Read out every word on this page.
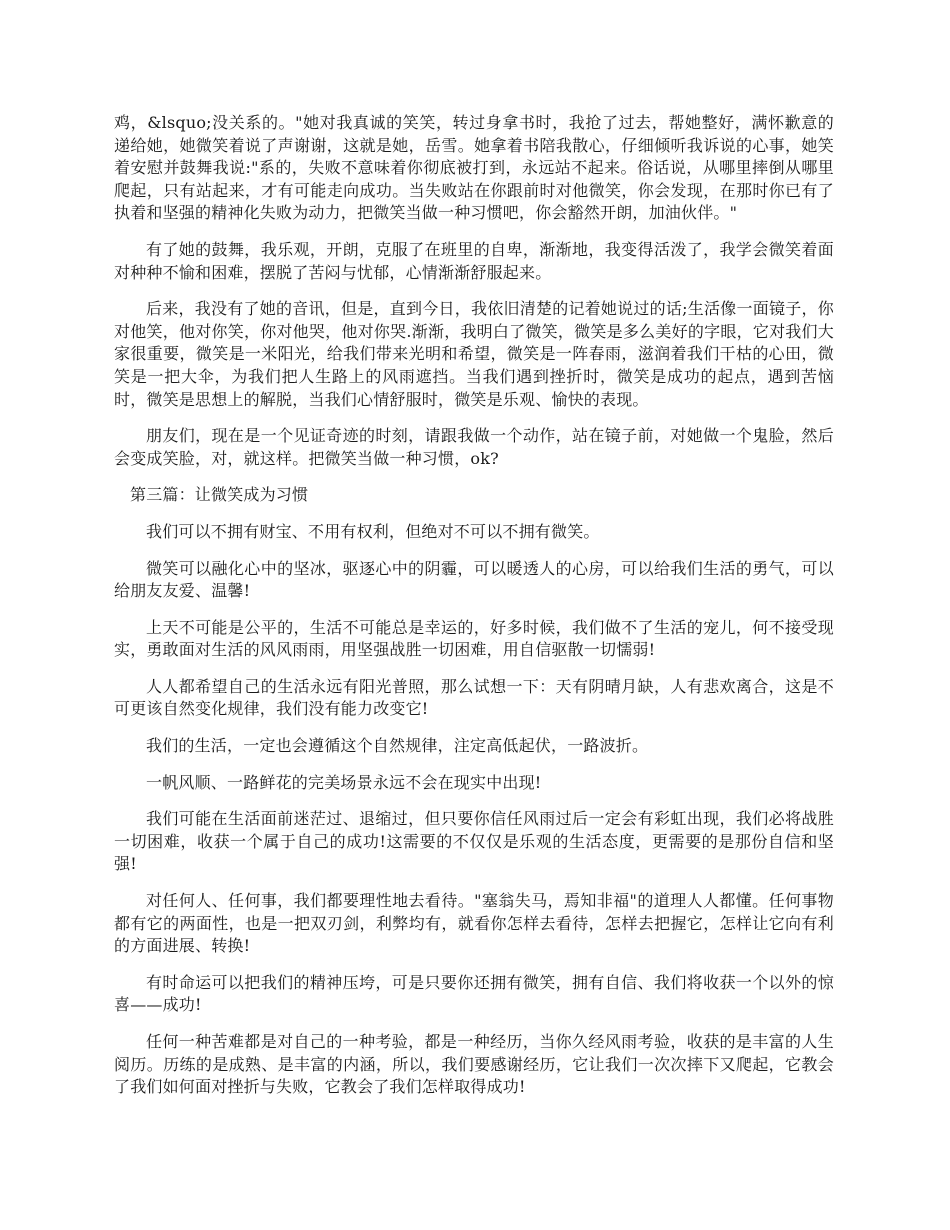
鸡，&lsquo;没关系的。"她对我真诚的笑笑，转过身拿书时，我抢了过去，帮她整好，满怀歉意的递给她，她微笑着说了声谢谢，这就是她，岳雪。她拿着书陪我散心，仔细倾听我诉说的心事，她笑着安慰并鼓舞我说:"系的，失败不意味着你彻底被打到，永远站不起来。俗话说，从哪里摔倒从哪里爬起，只有站起来，才有可能走向成功。当失败站在你跟前时对他微笑，你会发现，在那时你已有了执着和坚强的精神化失败为动力，把微笑当做一种习惯吧，你会豁然开朗，加油伙伴。"

有了她的鼓舞，我乐观，开朗，克服了在班里的自卑，渐渐地，我变得活泼了，我学会微笑着面对种种不愉和困难，摆脱了苦闷与忧郁，心情渐渐舒服起来。

后来，我没有了她的音讯，但是，直到今日，我依旧清楚的记着她说过的话;生活像一面镜子，你对他笑，他对你笑，你对他哭，他对你哭.渐渐，我明白了微笑，微笑是多么美好的字眼，它对我们大家很重要，微笑是一米阳光，给我们带来光明和希望，微笑是一阵春雨，滋润着我们干枯的心田，微笑是一把大伞，为我们把人生路上的风雨遮挡。当我们遇到挫折时，微笑是成功的起点，遇到苦恼时，微笑是思想上的解脱，当我们心情舒服时，微笑是乐观、愉快的表现。

朋友们，现在是一个见证奇迹的时刻，请跟我做一个动作，站在镜子前，对她做一个鬼脸，然后会变成笑脸，对，就这样。把微笑当做一种习惯，ok?

第三篇：让微笑成为习惯

我们可以不拥有财宝、不用有权利，但绝对不可以不拥有微笑。

微笑可以融化心中的坚冰，驱逐心中的阴霾，可以暖透人的心房，可以给我们生活的勇气，可以给朋友友爱、温馨!

上天不可能是公平的，生活不可能总是幸运的，好多时候，我们做不了生活的宠儿，何不接受现实，勇敢面对生活的风风雨雨，用坚强战胜一切困难，用自信驱散一切懦弱!

人人都希望自己的生活永远有阳光普照，那么试想一下：天有阴晴月缺，人有悲欢离合，这是不可更该自然变化规律，我们没有能力改变它!

我们的生活，一定也会遵循这个自然规律，注定高低起伏，一路波折。

一帆风顺、一路鲜花的完美场景永远不会在现实中出现!

我们可能在生活面前迷茫过、退缩过，但只要你信任风雨过后一定会有彩虹出现，我们必将战胜一切困难，收获一个属于自己的成功!这需要的不仅仅是乐观的生活态度，更需要的是那份自信和坚强!

对任何人、任何事，我们都要理性地去看待。"塞翁失马，焉知非福"的道理人人都懂。任何事物都有它的两面性，也是一把双刃剑，利弊均有，就看你怎样去看待，怎样去把握它，怎样让它向有利的方面进展、转换!

有时命运可以把我们的精神压垮，可是只要你还拥有微笑，拥有自信、我们将收获一个以外的惊喜——成功!

任何一种苦难都是对自己的一种考验，都是一种经历，当你久经风雨考验，收获的是丰富的人生阅历。历练的是成熟、是丰富的内涵，所以，我们要感谢经历，它让我们一次次摔下又爬起，它教会了我们如何面对挫折与失败，它教会了我们怎样取得成功!
